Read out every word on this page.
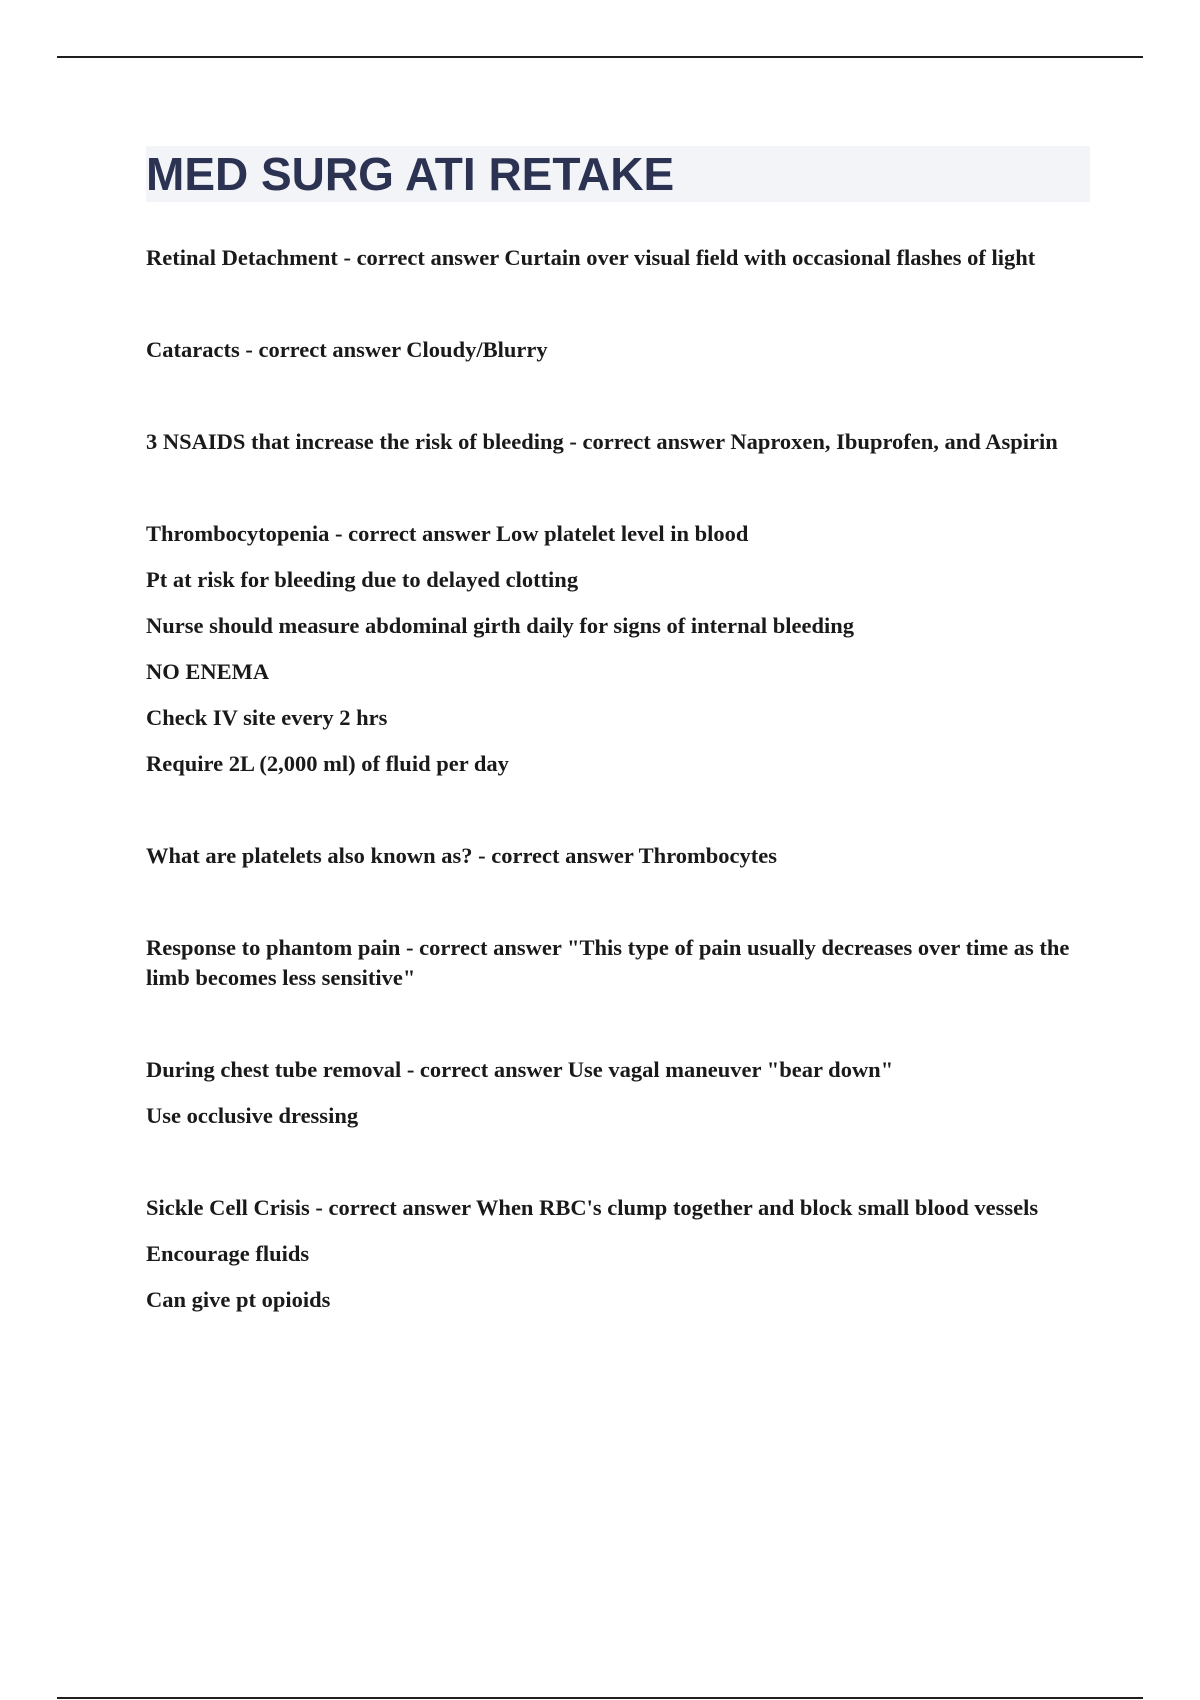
MED SURG ATI RETAKE

Retinal Detachment - correct answer Curtain over visual field with occasional flashes of light

Cataracts - correct answer Cloudy/Blurry

3 NSAIDS that increase the risk of bleeding - correct answer Naproxen, Ibuprofen, and Aspirin

Thrombocytopenia - correct answer Low platelet level in blood

Pt at risk for bleeding due to delayed clotting

Nurse should measure abdominal girth daily for signs of internal bleeding

NO ENEMA

Check IV site every 2 hrs

Require 2L (2,000 ml) of fluid per day

What are platelets also known as? - correct answer Thrombocytes

Response to phantom pain - correct answer "This type of pain usually decreases over time as the limb becomes less sensitive"

During chest tube removal - correct answer Use vagal maneuver "bear down"

Use occlusive dressing

Sickle Cell Crisis - correct answer When RBC's clump together and block small blood vessels

Encourage fluids

Can give pt opioids
